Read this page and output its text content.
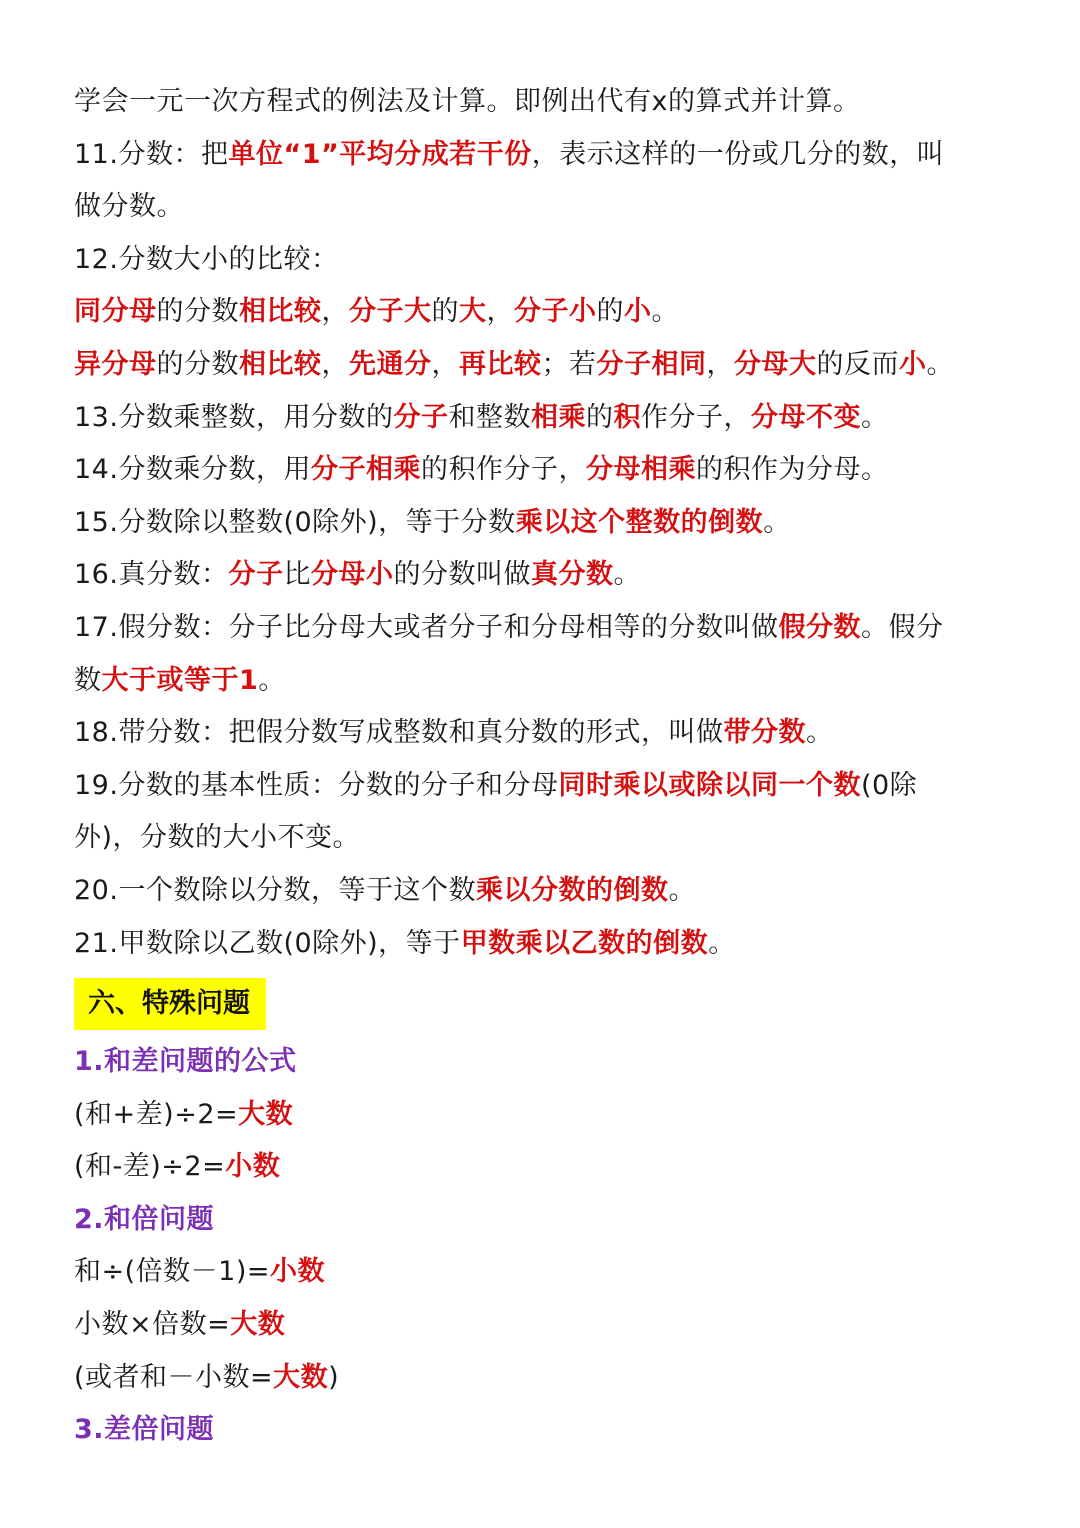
学会一元一次方程式的例法及计算。即例出代有x的算式并计算。
11.分数：把单位“1”平均分成若干份，表示这样的一份或几分的数，叫
做分数。
12.分数大小的比较：
同分母的分数相比较，分子大的大，分子小的小。
异分母的分数相比较，先通分，再比较；若分子相同，分母大的反而小。
13.分数乘整数，用分数的分子和整数相乘的积作分子，分母不变。
14.分数乘分数，用分子相乘的积作分子，分母相乘的积作为分母。
15.分数除以整数(0除外)，等于分数乘以这个整数的倒数。
16.真分数：分子比分母小的分数叫做真分数。
17.假分数：分子比分母大或者分子和分母相等的分数叫做假分数。假分
数大于或等于1。
18.带分数：把假分数写成整数和真分数的形式，叫做带分数。
19.分数的基本性质：分数的分子和分母同时乘以或除以同一个数(0除
外)，分数的大小不变。
20.一个数除以分数，等于这个数乘以分数的倒数。
21.甲数除以乙数(0除外)，等于甲数乘以乙数的倒数。
六、特殊问题
1.和差问题的公式
(和+差)÷2=大数
(和-差)÷2=小数
2.和倍问题
和÷(倍数－1)=小数
小数×倍数=大数
(或者和－小数=大数)
3.差倍问题
